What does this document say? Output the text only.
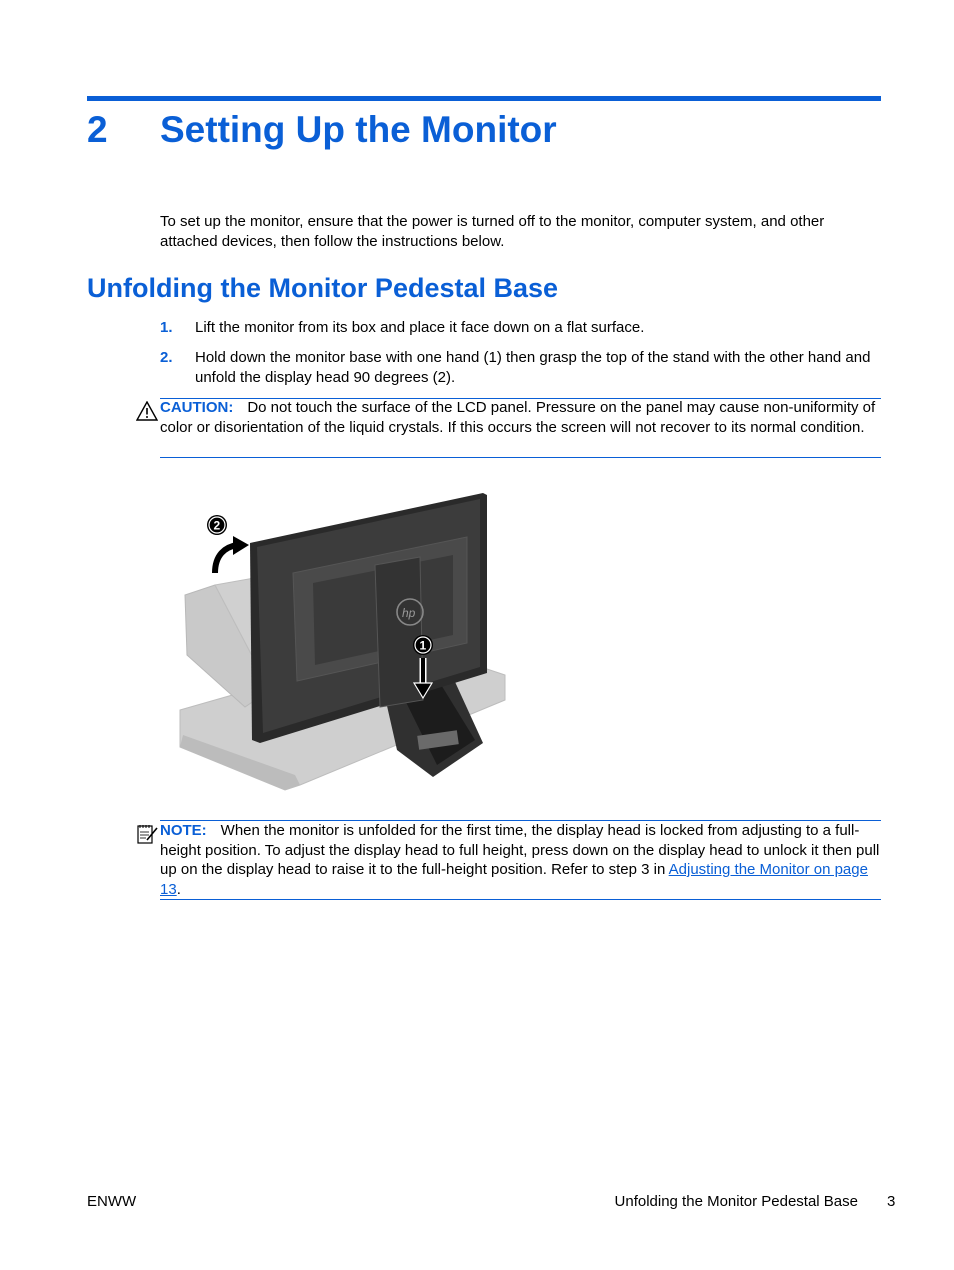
2 Setting Up the Monitor
To set up the monitor, ensure that the power is turned off to the monitor, computer system, and other attached devices, then follow the instructions below.
Unfolding the Monitor Pedestal Base
1. Lift the monitor from its box and place it face down on a flat surface.
2. Hold down the monitor base with one hand (1) then grasp the top of the stand with the other hand and unfold the display head 90 degrees (2).
CAUTION: Do not touch the surface of the LCD panel. Pressure on the panel may cause non-uniformity of color or disorientation of the liquid crystals. If this occurs the screen will not recover to its normal condition.
hp
1
2
NOTE: When the monitor is unfolded for the first time, the display head is locked from adjusting to a full-height position. To adjust the display head to full height, press down on the display head to unlock it then pull up on the display head to raise it to the full-height position. Refer to step 3 in Adjusting the Monitor on page 13.
ENWW	Unfolding the Monitor Pedestal Base 3
